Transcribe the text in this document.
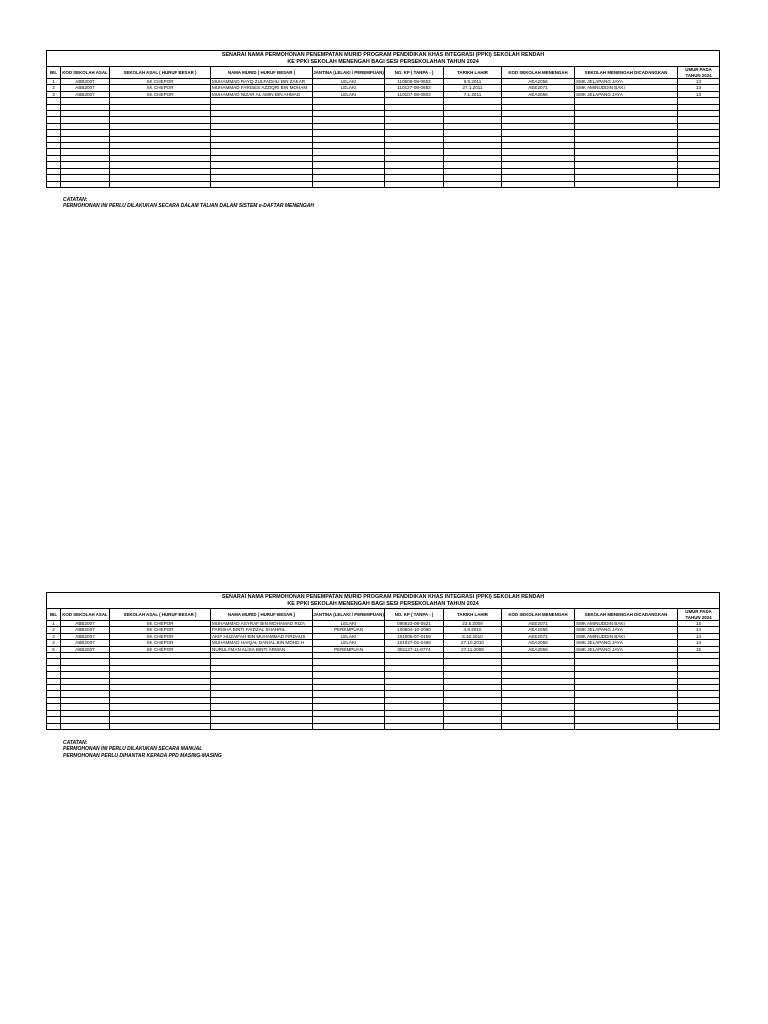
SENARAI NAMA PERMOHONAN PENEMPATAN MURID PROGRAM PENDIDIKAN KHAS INTEGRASI (PPKI) SEKOLAH RENDAH									
KE PPKI SEKOLAH MENENGAH BAGI SESI PERSEKOLAHAN TAHUN 2024									
BIL	KOD SEKOLAH ASAL	SEKOLAH ASAL ( HURUF BESAR )	NAMA MURID ( HURUF BESAR )	JANTINA (LELAKI / PEREMPUAN)	NO. KP ( TANPA - )	TARIKH LAHIR	KOD SEKOLAH MENENGAH	SEKOLAH MENENGAH DICADANGKAN	UMUR PADA TAHUN 2024
1	ABB2007	SK CHEPOR	MUHAMMAD RAYQ ZULFADHLI BIN ZAKAR	LELAKI	110506-08-0853	6.5.2011	AEA2056	SMK JELAPANG JAYA	13
2	ABB2007	SK CHEPOR	MUHAMMAD FARISES AZZIQRI BIN MOHAM	LELAKI	110127-08-0683	27.1.2011	AEE2071	SMK AMINUDDIN BAKI	13
3	ABB2007	SK CHEPOR	MUHAMMAD NIZAR AL AMIN BIN AHMAD	LELAKI	110107-08-0803	7.1.2011	AEA2056	SMK JELAPANG JAYA	13

CATATAN:
PERMOHONAN INI PERLU DILAKUKAN SECARA DALAM TALIAN DALAM SISTEM e-DAFTAR MENENGAH
SENARAI NAMA PERMOHONAN PENEMPATAN MURID PROGRAM PENDIDIKAN KHAS INTEGRASI (PPKI) SEKOLAH RENDAH									
KE PPKI SEKOLAH MENENGAH BAGI SESI PERSEKOLAHAN TAHUN 2024									
BIL	KOD SEKOLAH ASAL	SEKOLAH ASAL ( HURUF BESAR )	NAMA MURID ( HURUF BESAR )	JANTINA (LELAKI / PEREMPUAN)	NO. KP ( TANPA - )	TARIKH LAHIR	KOD SEKOLAH MENENGAH	SEKOLAH MENENGAH DICADANGKAN	UMUR PADA TAHUN 2024
1	ABB2007	SK CHEPOR	MUHAMMAD ASYRAF BIN MOHAMAD RIZA	LELAKI	090623-08-0521	23.6.2009	AEE2071	SMK AMINUDDIN BAKI	15
2	ABB2007	SK CHEPOR	FARISHA BINTI FAIDZAL SHAHRIL	PEREMPUAN	100804-10-2060	4.8.2010	AEA2056	SMK JELAPANG JAYA	14
3	ABB2007	SK CHEPOR	AKIF HUZAIFAH BIN MUHAMMAD FIRDAUS	LELAKI	101005-07-0159	5.10.2010	AEE2071	SMK AMINUDDIN BAKI	14
4	ABB2007	SK CHEPOR	MUHAMMAD HAIQAL DANIAL BIN MOHD H	LELAKI	101027-02-0495	27.10.2010	AEA2056	SMK JELAPANG JAYA	14
5	ABB2007	SK CHEPOR	NURULYMAN ALISA BINTI ARMAN	PEREMPUAN	091127-11-0774	27.11.2009	AEA2056	SMK JELAPANG JAYA	15

CATATAN:
PERMOHONAN INI PERLU DILAKUKAN SECARA MANUAL
PERMOHONAN PERLU DIHANTAR KEPADA PPD MASING-MASING
